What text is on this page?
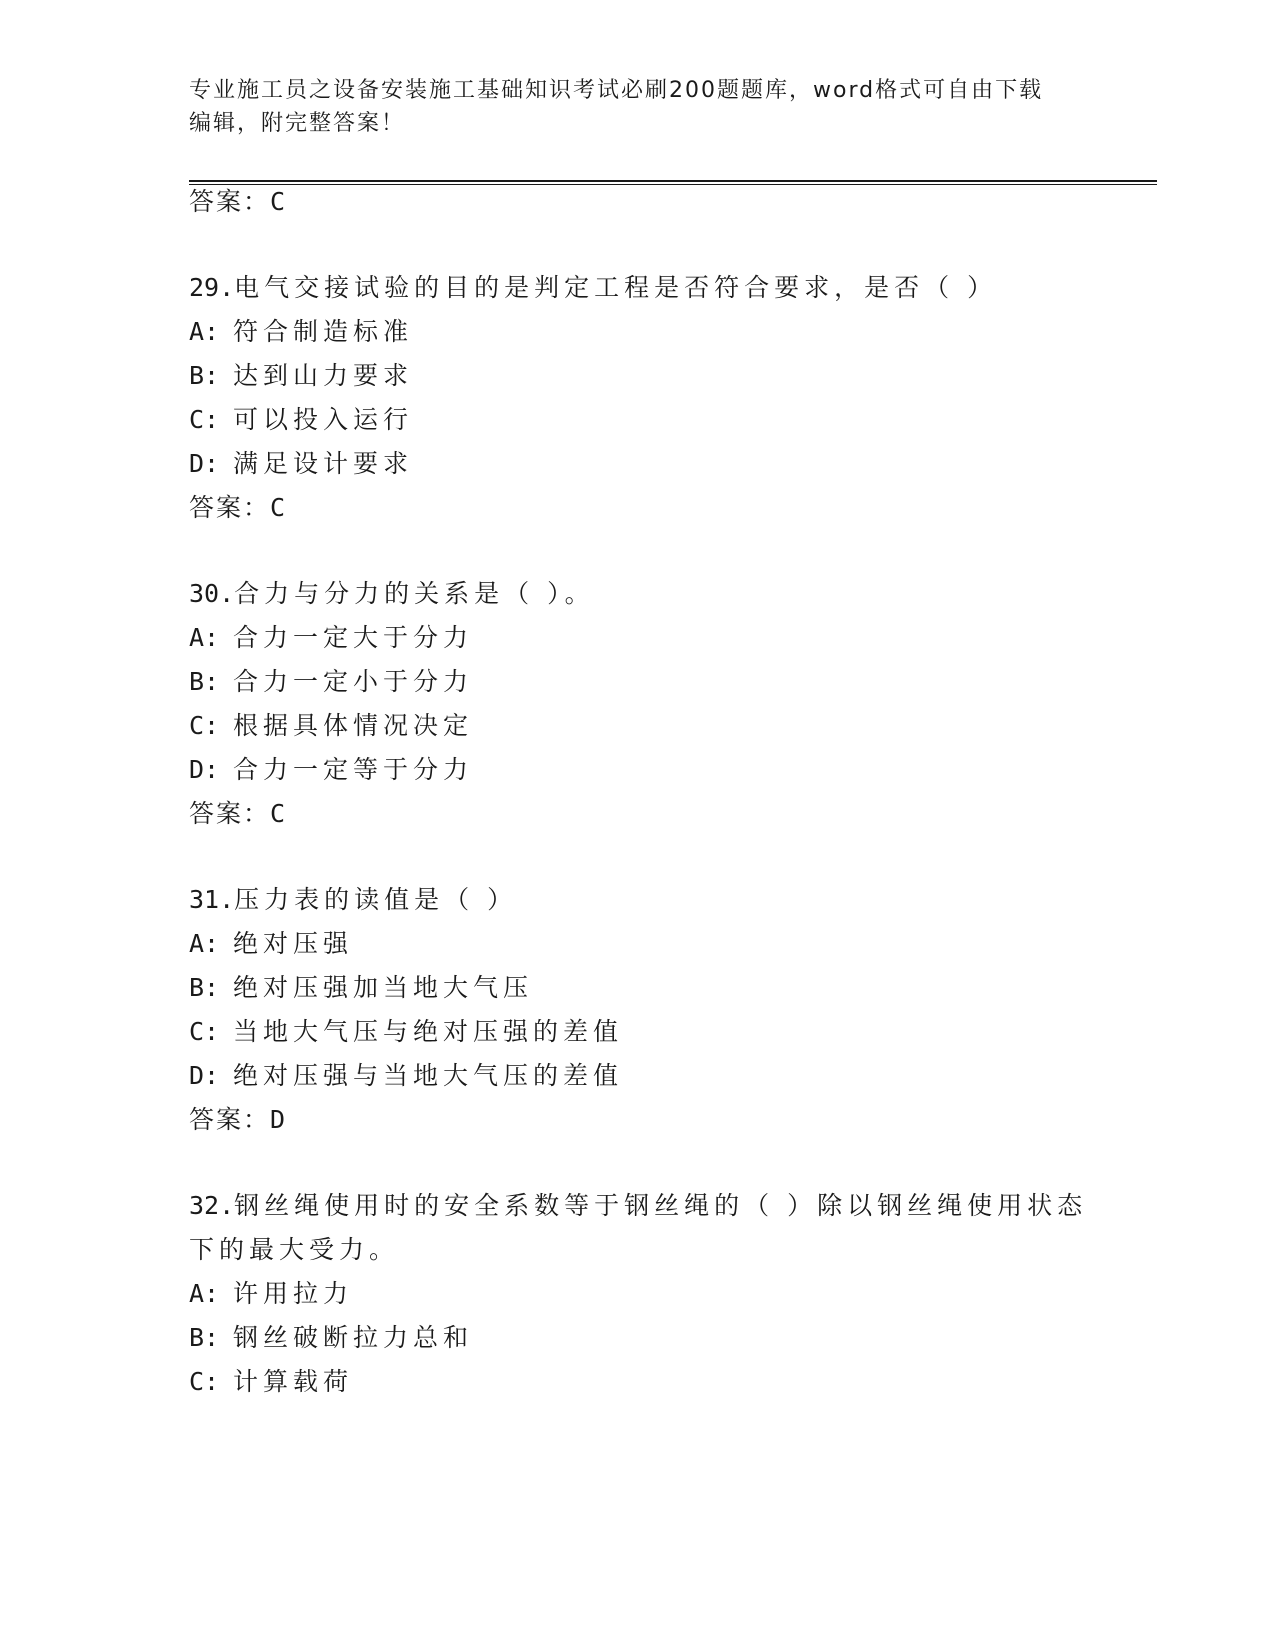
专业施工员之设备安装施工基础知识考试必刷200题题库，word格式可自由下载
编辑，附完整答案！
答案：C
29.电气交接试验的目的是判定工程是否符合要求，是否（ ）
A: 符合制造标准
B: 达到山力要求
C: 可以投入运行
D: 满足设计要求
答案：C
30.合力与分力的关系是（ ）。
A: 合力一定大于分力
B: 合力一定小于分力
C: 根据具体情况决定
D: 合力一定等于分力
答案：C
31.压力表的读值是（ ）
A: 绝对压强
B: 绝对压强加当地大气压
C: 当地大气压与绝对压强的差值
D: 绝对压强与当地大气压的差值
答案：D
32.钢丝绳使用时的安全系数等于钢丝绳的（ ）除以钢丝绳使用状态
下的最大受力。
A: 许用拉力
B: 钢丝破断拉力总和
C: 计算载荷
